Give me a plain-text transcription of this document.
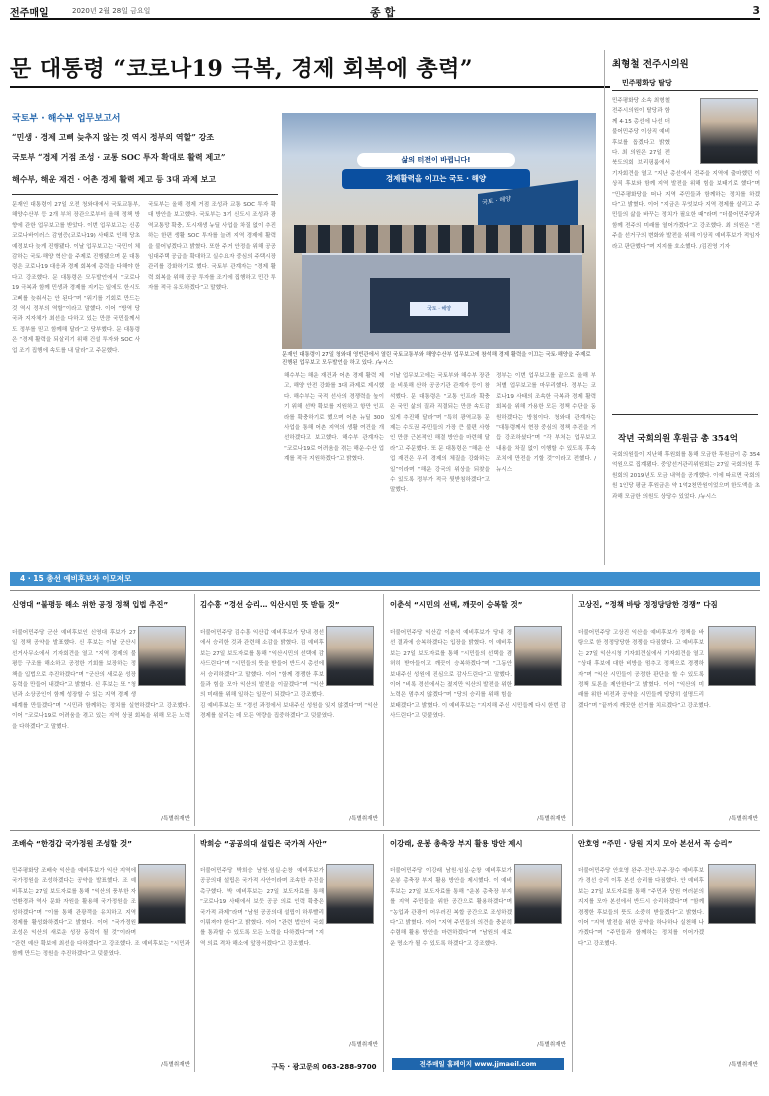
전주매일	2020년 2월 28일 금요일	종 합	3
문 대통령 “코로나19 극복, 경제 회복에 총력”
국토부 · 해수부 업무보고서
“민생 · 경제 고삐 늦추지 않는 것 역시 정부의 역할” 강조
국토부 “경제 거점 조성 · 교통 SOC 투자 확대로 활력 제고”
해수부, 해운 재건 · 어촌 경제 활력 제고 등 3대 과제 보고
문재인 대통령이 27일 오전 청와대에서 국토교통부, 해양수산부 등 2개 부처 장관으로부터 올해 정책 방향에 관한 업무보고를 받았다. 이번 업무보고는 신종 코로나바이러스 감염증(코로나19) 사태로 인해 당초 예정보다 늦게 진행됐다. 이날 업무보고는 '국민이 체감하는 국토·해양 혁신'을 주제로 진행됐으며 문 대통령은 코로나19 대응과 경제 회복에 총력을 다해야 한다고 강조했다. 문 대통령은 모두발언에서 “코로나19 극복과 함께 민생과 경제를 지키는 일에도 한시도 고삐를 늦춰서는 안 된다”며 “위기를 기회로 만드는 것 역시 정부의 역할”이라고 말했다. 이어 “방역 당국과 지자체가 최선을 다하고 있는 만큼 국민들께서도 정부를 믿고 함께해 달라”고 당부했다. 문 대통령은 “경제 활력을 되살리기 위해 건설 투자와 SOC 사업 조기 집행에 속도를 내 달라”고 주문했다.
국토부는 올해 경제 거점 조성과 교통 SOC 투자 확대 방안을 보고했다. 국토부는 3기 신도시 조성과 광역교통망 확충, 도시재생 뉴딜 사업을 차질 없이 추진하는 한편 생활 SOC 투자를 늘려 지역 경제에 활력을 불어넣겠다고 밝혔다. 또한 주거 안정을 위해 공공임대주택 공급을 확대하고 실수요자 중심의 주택시장 관리를 강화하기로 했다. 국토부 관계자는 “경제 활력 회복을 위해 공공 투자를 조기에 집행하고 민간 투자를 적극 유도하겠다”고 말했다.
삶의 터전이 바뀝니다!
경제활력을 이끄는 국토 · 해양
국토 · 해양
국토 · 해양
문재인 대통령이 27일 청와대 영빈관에서 열린 국토교통부와 해양수산부 업무보고에 참석해 경제 활력을 이끄는 국토·해양을 주제로 진행된 업무보고 모두발언을 하고 있다. /뉴시스
해수부는 해운 재건과 어촌 경제 활력 제고, 해양 안전 강화를 3대 과제로 제시했다. 해수부는 국적 선사의 경쟁력을 높이기 위해 선박 확보를 지원하고 항만 인프라를 확충하기로 했으며 어촌 뉴딜 300 사업을 통해 어촌 지역의 생활 여건을 개선하겠다고 보고했다. 해수부 관계자는 “코로나19로 어려움을 겪는 해운·수산 업계를 적극 지원하겠다”고 밝혔다.
이날 업무보고에는 국토부와 해수부 장관을 비롯해 산하 공공기관 관계자 등이 참석했다. 문 대통령은 “교통 인프라 확충은 국민 삶의 질과 직결되는 만큼 속도감 있게 추진해 달라”며 “특히 광역교통 문제는 수도권 주민들의 가장 큰 불편 사항인 만큼 근본적인 해결 방안을 마련해 달라”고 주문했다. 또 문 대통령은 “해운 산업 재건은 우리 경제의 체질을 강화하는 일”이라며 “해운 강국의 위상을 되찾을 수 있도록 정부가 적극 뒷받침하겠다”고 말했다.
정부는 이번 업무보고를 끝으로 올해 부처별 업무보고를 마무리했다. 정부는 코로나19 사태의 조속한 극복과 경제 활력 회복을 위해 가용한 모든 정책 수단을 동원하겠다는 방침이다. 청와대 관계자는 “대통령께서 현장 중심의 정책 추진을 거듭 강조하셨다”며 “각 부처는 업무보고 내용을 차질 없이 이행할 수 있도록 후속 조치에 만전을 기할 것”이라고 전했다. /뉴시스
최형철 전주시의원
민주평화당 탈당
민주평화당 소속 최형철 전주시의원이 탈당과 함께 4·15 총선에 나선 더불어민주당 이상직 예비후보를 돕겠다고 밝혔다. 최 의원은 27일 전북도의회 브리핑룸에서 기자회견을 열고 “지난 총선에서 전주을 지역에 출마했던 이상직 후보와 함께 지역 발전을 위해 힘을 보태기로 했다”며 “민주평화당을 떠나 지역 주민들과 함께하는 정치를 하겠다”고 밝혔다. 이어 “지금은 무엇보다 지역 경제를 살리고 주민들의 삶을 바꾸는 정치가 필요한 때”라며 “더불어민주당과 함께 전주의 미래를 열어가겠다”고 강조했다. 최 의원은 “전주을 선거구의 변화와 발전을 위해 이상직 예비후보가 적임자라고 판단했다”며 지지를 호소했다. /김진영 기자
작년 국회의원 후원금 총 354억
국회의원들이 지난해 후원회를 통해 모금한 후원금이 총 354억원으로 집계됐다. 중앙선거관리위원회는 27일 국회의원 후원회의 2019년도 모금 내역을 공개했다. 이에 따르면 국회의원 1인당 평균 후원금은 약 1억2천만원이었으며 한도액을 초과해 모금한 의원도 상당수 있었다. /뉴시스
4 · 15 총선 예비후보자 이모저모
신영대 “불평등 해소 위한 공정 정책 입법 추진”
더불어민주당 군산 예비후보인 신영대 후보가 27일 정책 공약을 발표했다. 신 후보는 이날 군산시 선거사무소에서 기자회견을 열고 “지역 경제의 불평등 구조를 해소하고 공정한 기회를 보장하는 정책을 입법으로 추진하겠다”며 “군산의 새로운 성장 동력을 만들어 내겠다”고 밝혔다. 신 후보는 또 “청년과 소상공인이 함께 성장할 수 있는 지역 경제 생태계를 만들겠다”며 “시민과 함께하는 정치를 실현하겠다”고 강조했다. 이어 “코로나19로 어려움을 겪고 있는 지역 상권 회복을 위해 모든 노력을 다하겠다”고 말했다.
/특별취재반
김수흥 “경선 승리… 익산시민 뜻 받들 것”
더불어민주당 김수흥 익산갑 예비후보가 당내 경선에서 승리한 것과 관련해 소감을 밝혔다. 김 예비후보는 27일 보도자료를 통해 “익산시민의 선택에 감사드린다”며 “시민들의 뜻을 받들어 반드시 총선에서 승리하겠다”고 말했다. 이어 “함께 경쟁한 후보들과 힘을 모아 익산의 발전을 이끌겠다”며 “익산의 미래를 위해 일하는 일꾼이 되겠다”고 강조했다. 김 예비후보는 또 “경선 과정에서 보내주신 성원을 잊지 않겠다”며 “익산 경제를 살리는 데 모든 역량을 집중하겠다”고 덧붙였다.
/특별취재반
이춘석 “시민의 선택, 깨끗이 승복할 것”
더불어민주당 익산갑 이춘석 예비후보가 당내 경선 결과에 승복하겠다는 입장을 밝혔다. 이 예비후보는 27일 보도자료를 통해 “시민들의 선택을 겸허히 받아들이고 깨끗이 승복하겠다”며 “그동안 보내주신 성원에 진심으로 감사드린다”고 말했다. 이어 “비록 경선에서는 졌지만 익산의 발전을 위한 노력은 멈추지 않겠다”며 “당의 승리를 위해 힘을 보태겠다”고 밝혔다. 이 예비후보는 “지지해 주신 시민들께 다시 한번 감사드린다”고 덧붙였다.
/특별취재반
고상진, “정책 바탕 정정당당한 경쟁” 다짐
더불어민주당 고상진 익산을 예비후보가 정책을 바탕으로 한 정정당당한 경쟁을 다짐했다. 고 예비후보는 27일 익산시청 기자회견실에서 기자회견을 열고 “상대 후보에 대한 비방을 멈추고 정책으로 경쟁하자”며 “익산 시민들이 공정한 판단을 할 수 있도록 정책 토론을 제안한다”고 밝혔다. 이어 “익산의 미래를 위한 비전과 공약을 시민들께 당당히 설명드리겠다”며 “끝까지 깨끗한 선거를 치르겠다”고 강조했다.
/특별취재반
조배숙 “한경갑 국가정원 조성할 것”
민주평화당 조배숙 익산을 예비후보가 익산 지역에 국가정원을 조성하겠다는 공약을 발표했다. 조 예비후보는 27일 보도자료를 통해 “익산의 풍부한 자연환경과 역사 문화 자원을 활용해 국가정원을 조성하겠다”며 “이를 통해 관광객을 유치하고 지역 경제를 활성화하겠다”고 밝혔다. 이어 “국가정원 조성은 익산의 새로운 성장 동력이 될 것”이라며 “관련 예산 확보에 최선을 다하겠다”고 강조했다. 조 예비후보는 “시민과 함께 만드는 정원을 추진하겠다”고 덧붙였다.
/특별취재반
박희승 “공공의대 설립은 국가적 사안”
더불어민주당 박희승 남원·임실·순창 예비후보가 공공의대 설립은 국가적 사안이라며 조속한 추진을 촉구했다. 박 예비후보는 27일 보도자료를 통해 “코로나19 사태에서 보듯 공공 의료 인력 확충은 국가적 과제”라며 “남원 공공의대 설립이 하루빨리 이뤄져야 한다”고 밝혔다. 이어 “관련 법안이 국회를 통과할 수 있도록 모든 노력을 다하겠다”며 “지역 의료 격차 해소에 앞장서겠다”고 강조했다.
/특별취재반
구독 · 광고문의 063-288-9700
이강래, 운봉 총축장 부지 활용 방안 제시
더불어민주당 이강래 남원·임실·순창 예비후보가 운봉 총축장 부지 활용 방안을 제시했다. 이 예비후보는 27일 보도자료를 통해 “운봉 총축장 부지를 지역 주민들을 위한 공간으로 활용하겠다”며 “농업과 관광이 어우러진 복합 공간으로 조성하겠다”고 밝혔다. 이어 “지역 주민들의 의견을 충분히 수렴해 활용 방안을 마련하겠다”며 “남원의 새로운 명소가 될 수 있도록 하겠다”고 강조했다.
/특별취재반
안호영 “주민 · 당원 지지 모아 본선서 꼭 승리”
더불어민주당 안호영 완주·진안·무주·장수 예비후보가 경선 승리 이후 본선 승리를 다짐했다. 안 예비후보는 27일 보도자료를 통해 “주민과 당원 여러분의 지지를 모아 본선에서 반드시 승리하겠다”며 “함께 경쟁한 후보들의 뜻도 소중히 받들겠다”고 밝혔다. 이어 “지역 발전을 위한 공약을 하나하나 실천해 나가겠다”며 “주민들과 함께하는 정치를 이어가겠다”고 강조했다.
/특별취재반
전주매일 홈페이지 www.jjmaeil.com
